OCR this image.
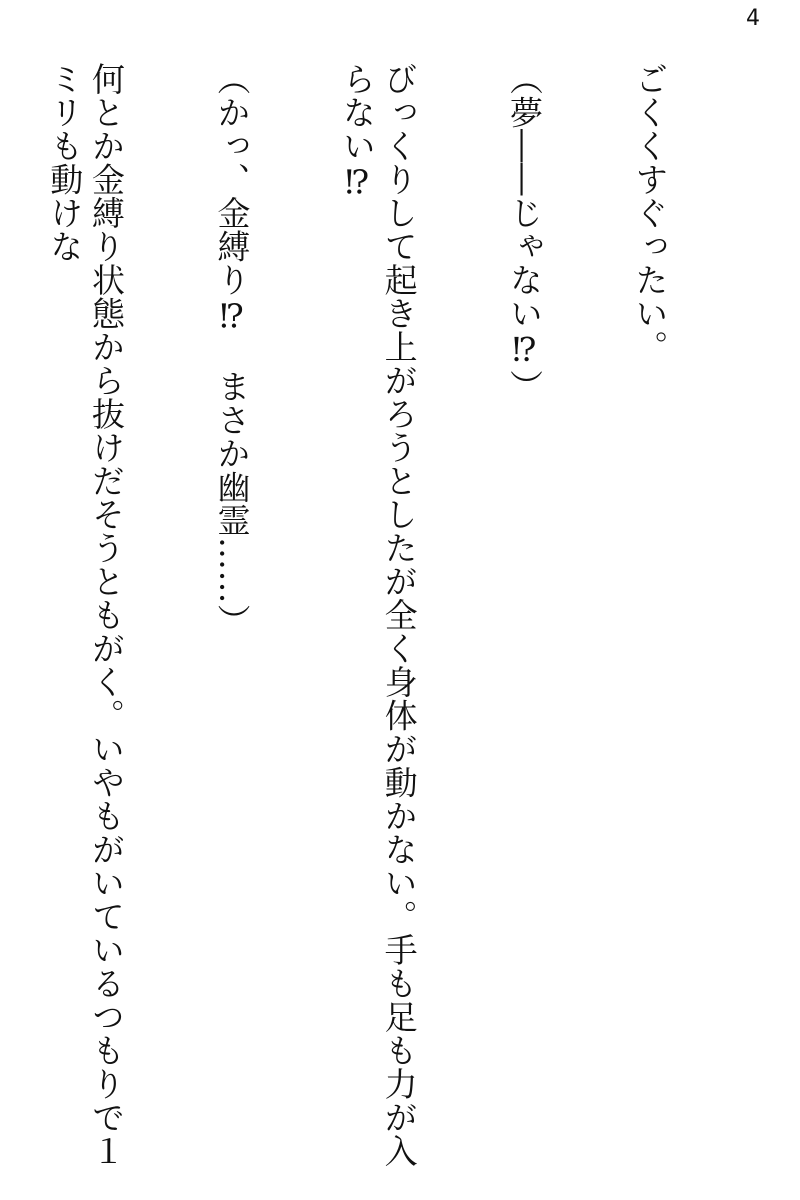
4

ごくくすぐったい。

（夢――じゃない⁉）

びっくりして起き上がろうとしたが全く身体が動かない。手も足も力が入らない⁉

（かっ、金縛り⁉　まさか幽霊……）

何とか金縛り状態から抜けだそうともがく。いやもがいているつもりで１ミリも動けな
